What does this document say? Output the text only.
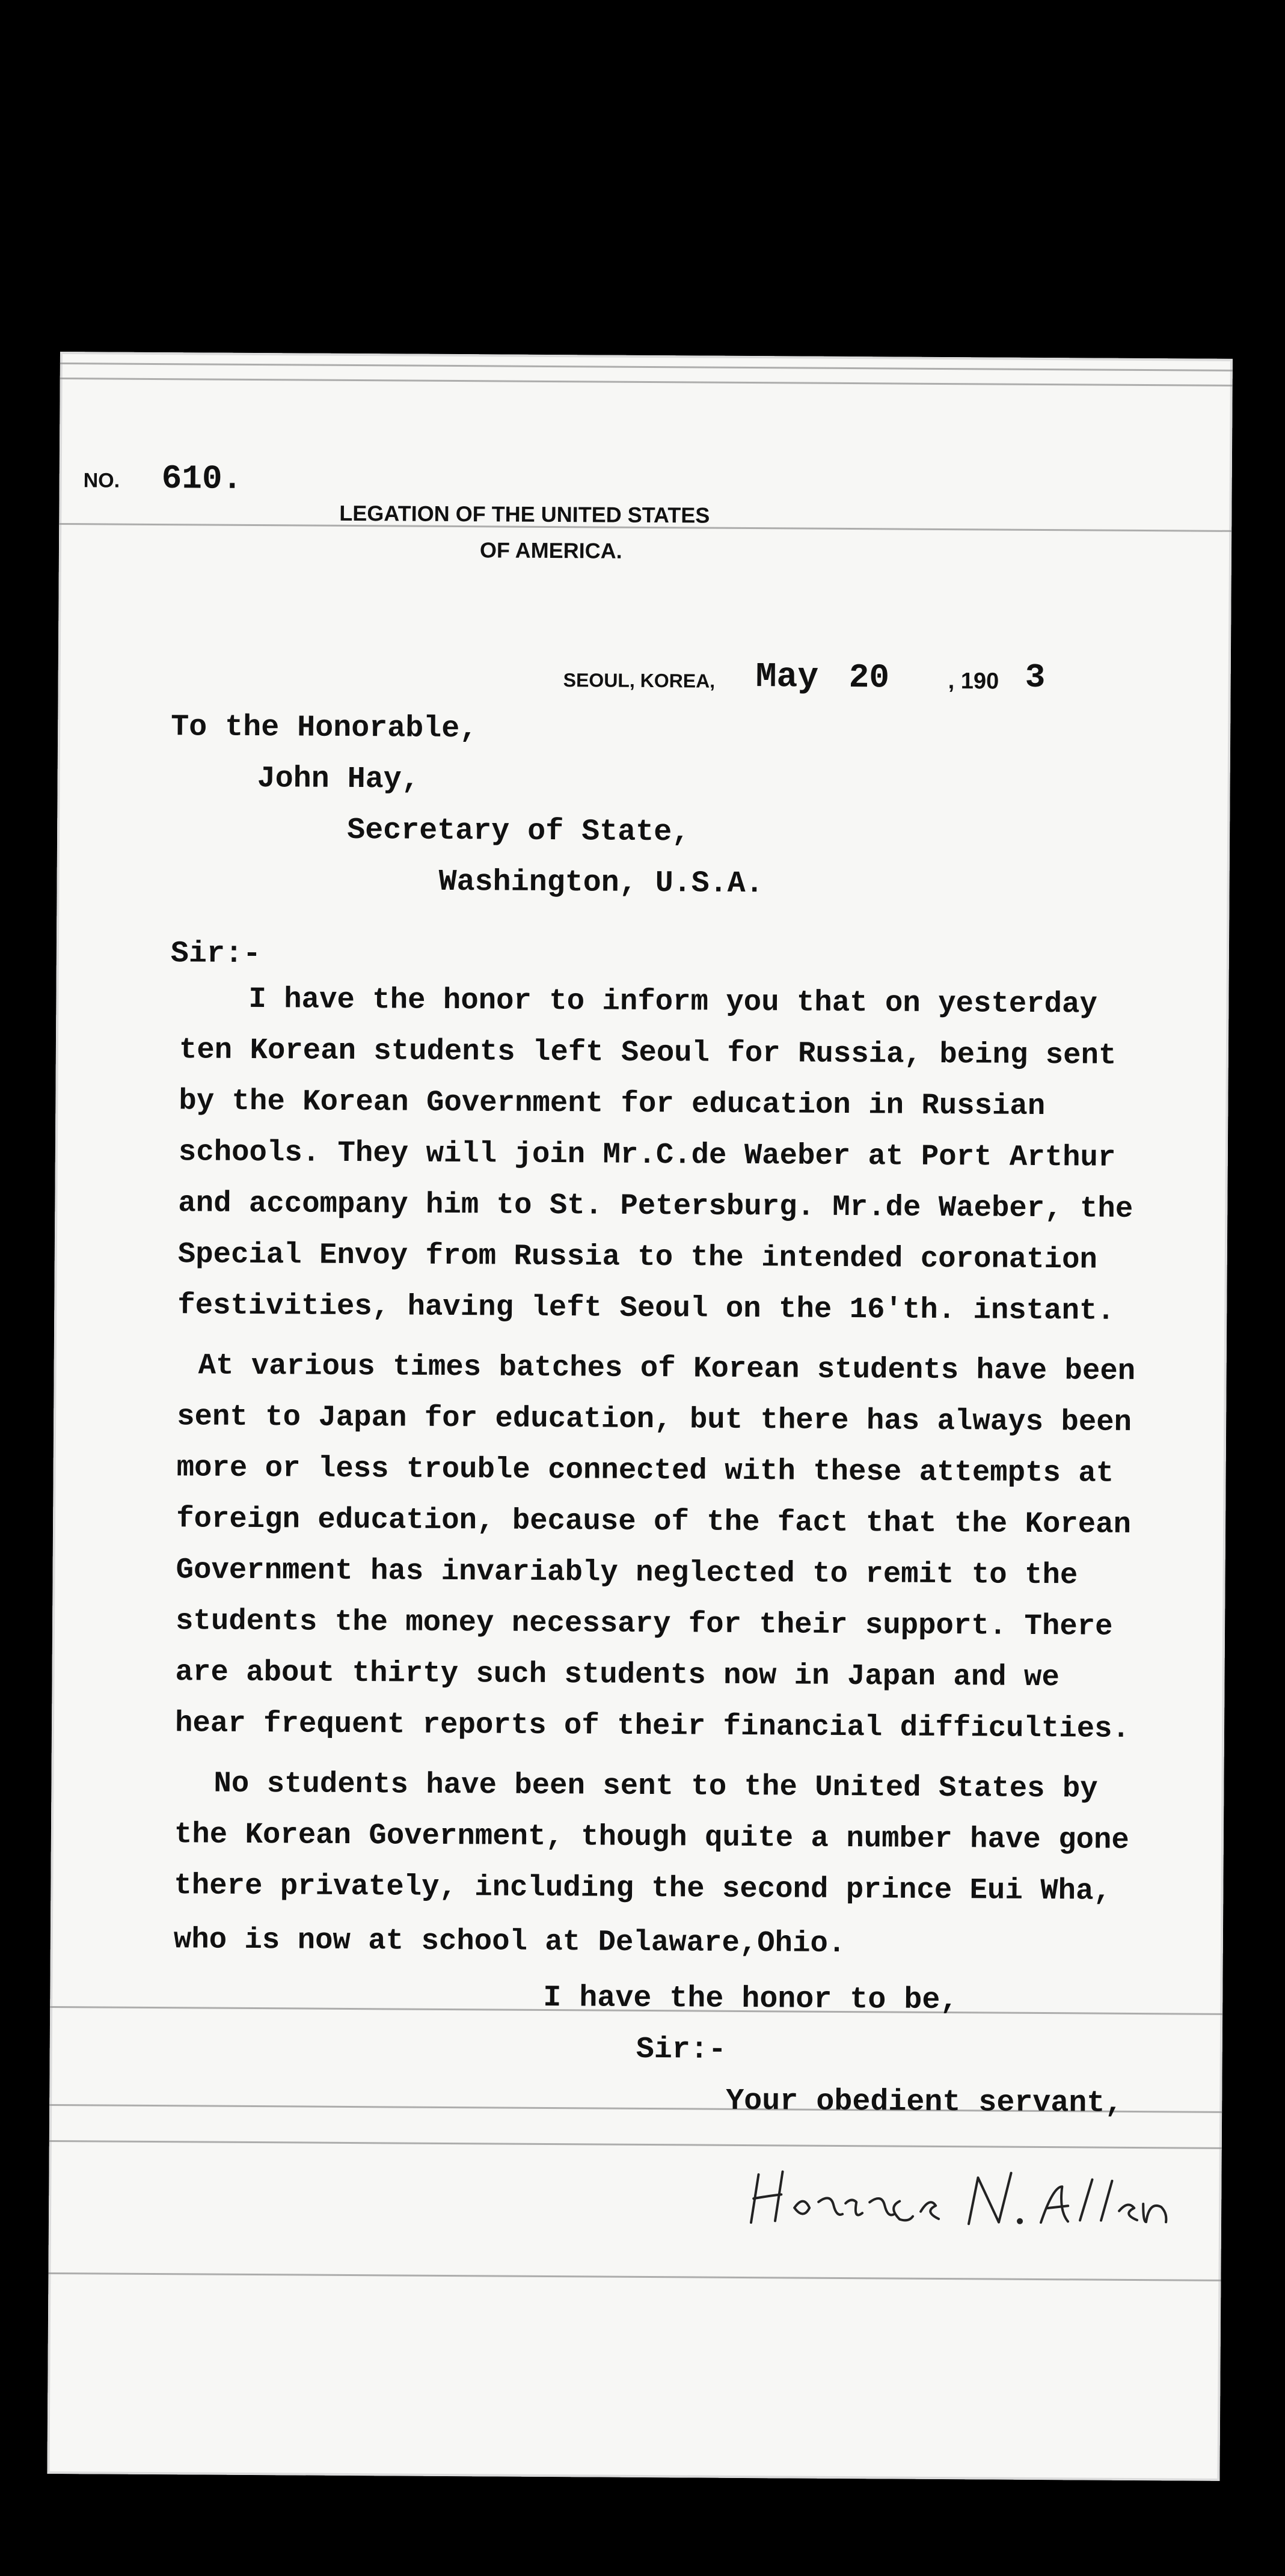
NO. 610.
LEGATION OF THE UNITED STATES
OF AMERICA.
SEOUL, KOREA, May 20	, 190 3
To the Honorable,
John Hay,
Secretary of State,
Washington, U.S.A.
Sir:-
I have the honor to inform you that on yesterday
ten Korean students left Seoul for Russia, being sent
by the Korean Government for education in Russian
schools. They will join Mr.C.de Waeber at Port Arthur
and accompany him to St. Petersburg. Mr.de Waeber, the
Special Envoy from Russia to the intended coronation
festivities, having left Seoul on the 16'th. instant.
At various times batches of Korean students have been
sent to Japan for education, but there has always been
more or less trouble connected with these attempts at
foreign education, because of the fact that the Korean
Government has invariably neglected to remit to the
students the money necessary for their support. There
are about thirty such students now in Japan and we
hear frequent reports of their financial difficulties.
No students have been sent to the United States by
the Korean Government, though quite a number have gone
there privately, including the second prince Eui Wha,
who is now at school at Delaware,Ohio.
I have the honor to be,
Sir:-
Your obedient servant,
